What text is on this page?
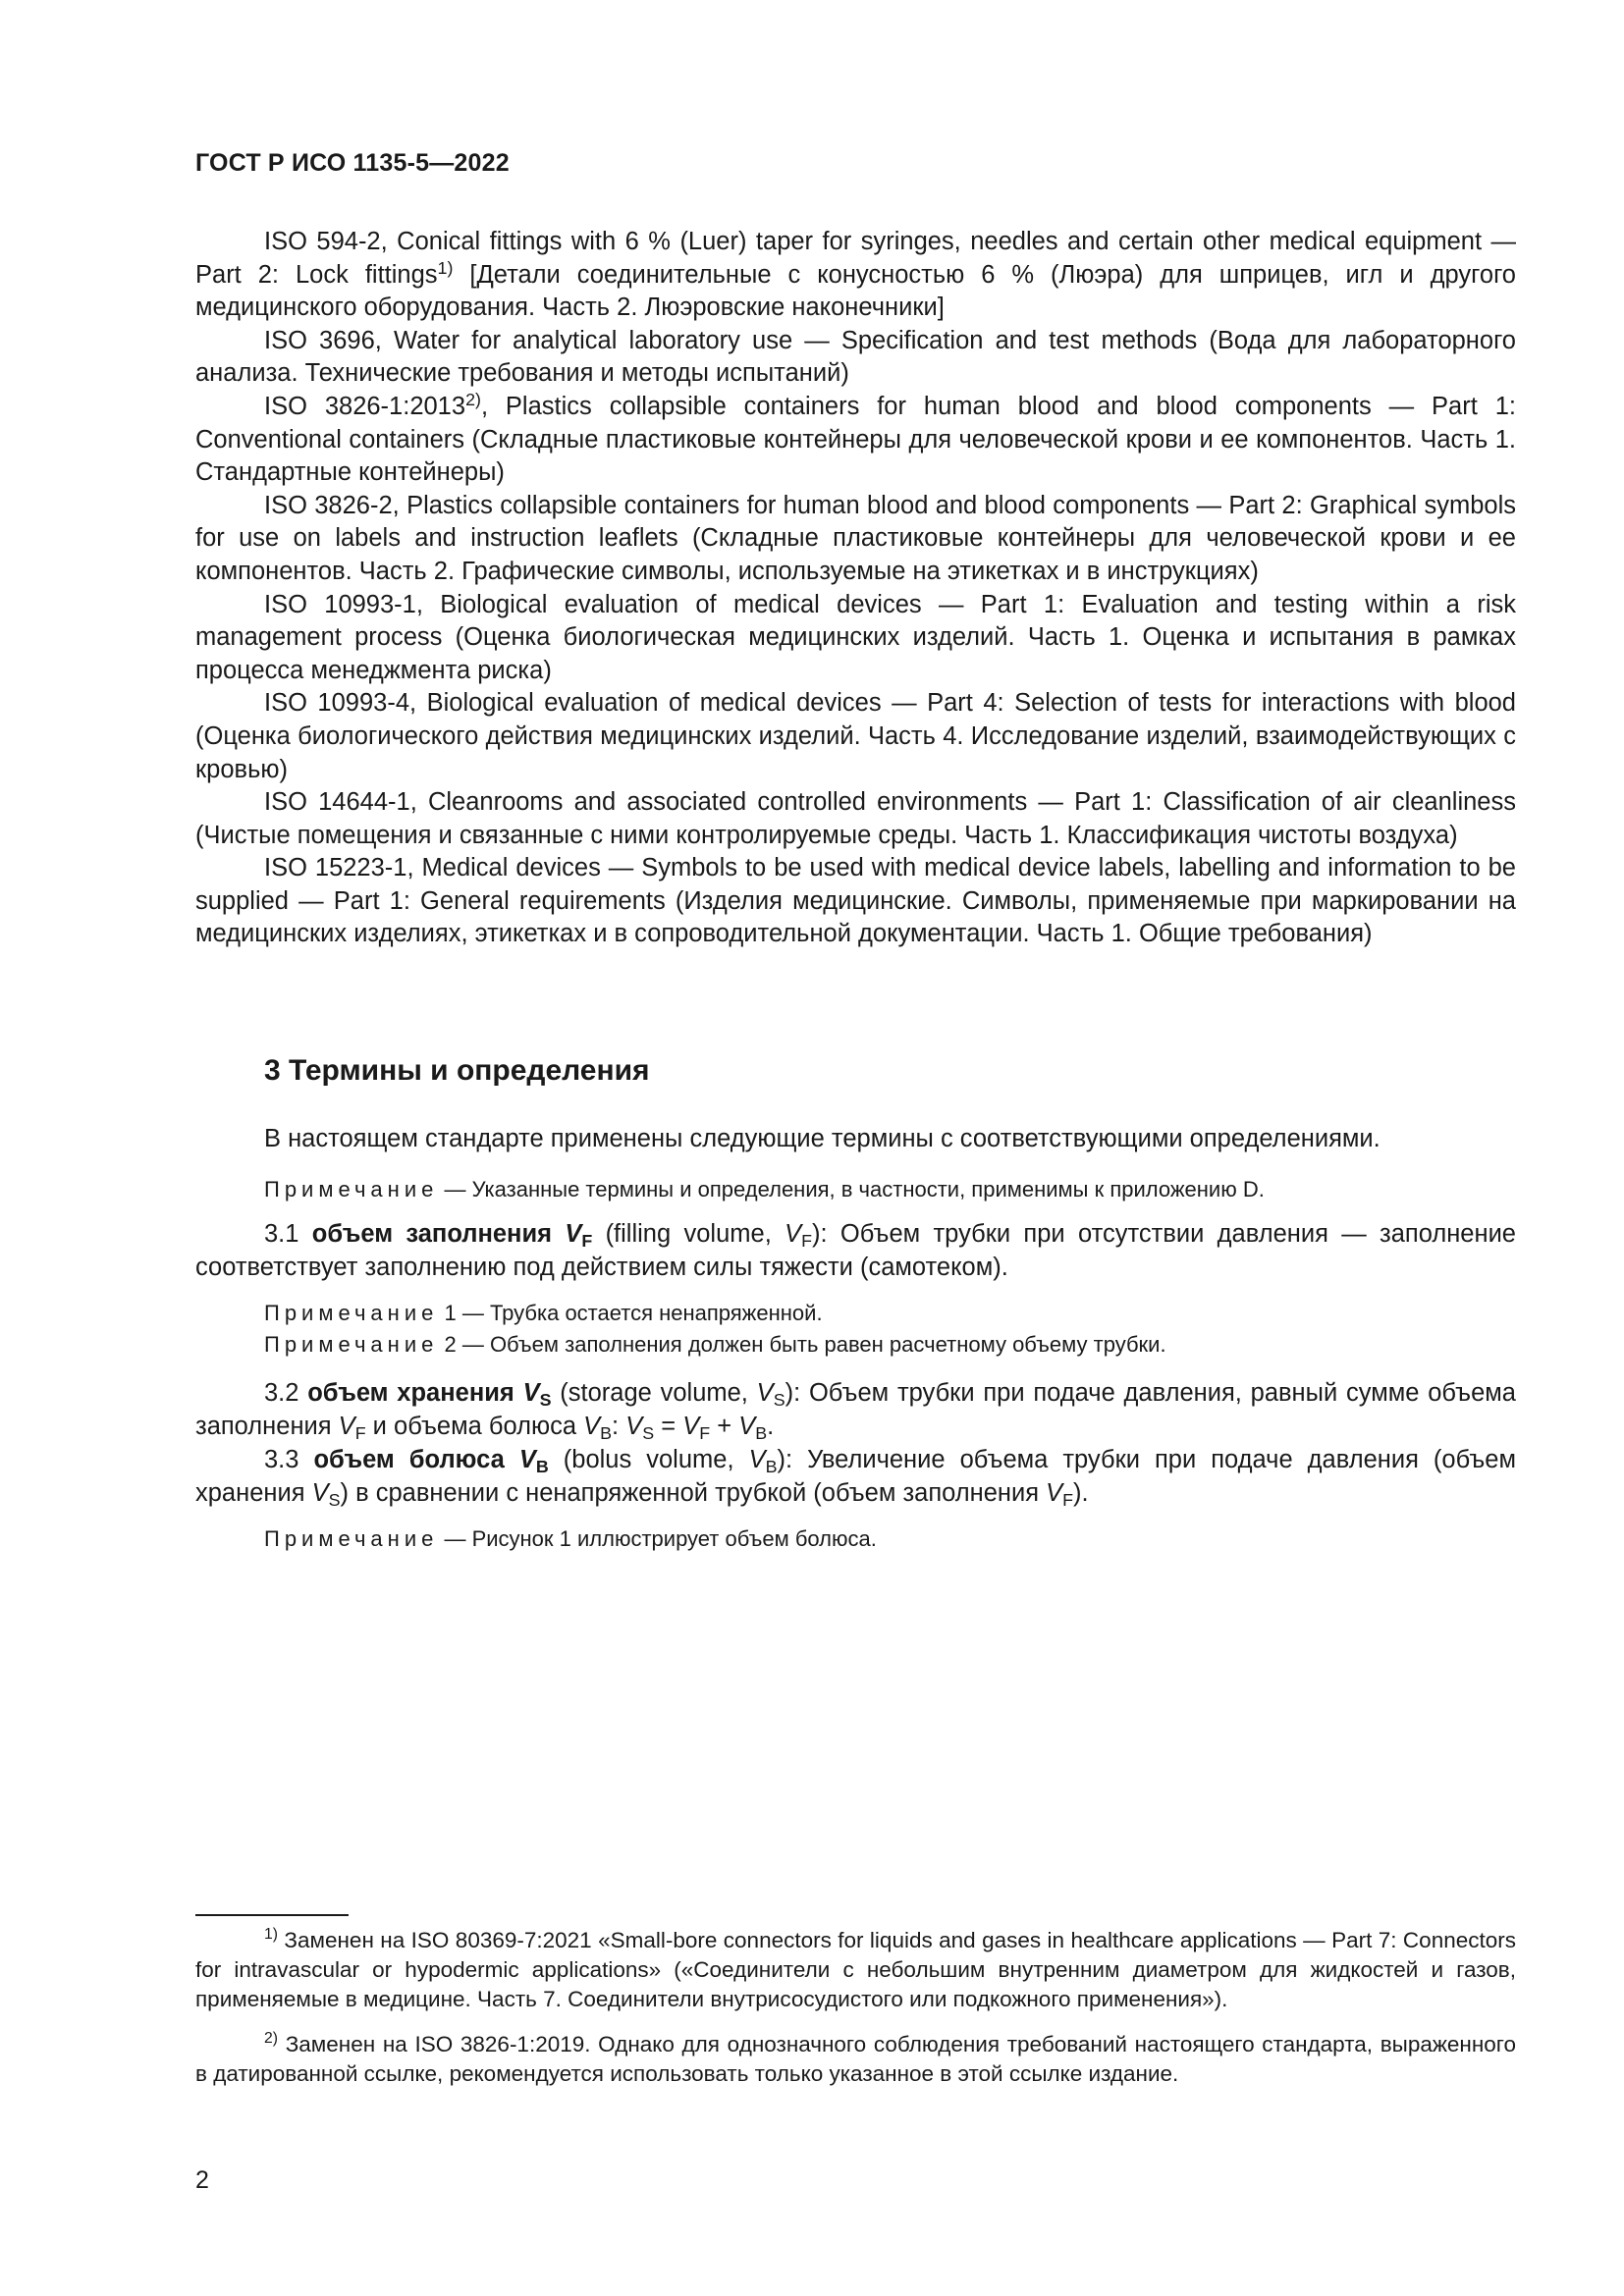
ГОСТ Р ИСО 1135-5—2022

ISO 594-2, Conical fittings with 6 % (Luer) taper for syringes, needles and certain other medical equipment — Part 2: Lock fittings$^{1)}$ [Детали соединительные с конусностью 6 % (Люэра) для шприцев, игл и другого медицинского оборудования. Часть 2. Люэровские наконечники]

ISO 3696, Water for analytical laboratory use — Specification and test methods (Вода для лабораторного анализа. Технические требования и методы испытаний)

ISO 3826-1:2013$^{2)}$, Plastics collapsible containers for human blood and blood components — Part 1: Conventional containers (Складные пластиковые контейнеры для человеческой крови и ее компонентов. Часть 1. Стандартные контейнеры)

ISO 3826-2, Plastics collapsible containers for human blood and blood components — Part 2: Graphical symbols for use on labels and instruction leaflets (Складные пластиковые контейнеры для человеческой крови и ее компонентов. Часть 2. Графические символы, используемые на этикетках и в инструкциях)

ISO 10993-1, Biological evaluation of medical devices — Part 1: Evaluation and testing within a risk management process (Оценка биологическая медицинских изделий. Часть 1. Оценка и испытания в рамках процесса менеджмента риска)

ISO 10993-4, Biological evaluation of medical devices — Part 4: Selection of tests for interactions with blood (Оценка биологического действия медицинских изделий. Часть 4. Исследование изделий, взаимодействующих с кровью)

ISO 14644-1, Cleanrooms and associated controlled environments — Part 1: Classification of air cleanliness (Чистые помещения и связанные с ними контролируемые среды. Часть 1. Классификация чистоты воздуха)

ISO 15223-1, Medical devices — Symbols to be used with medical device labels, labelling and information to be supplied — Part 1: General requirements (Изделия медицинские. Символы, применяемые при маркировании на медицинских изделиях, этикетках и в сопроводительной документации. Часть 1. Общие требования)

3 Термины и определения
В настоящем стандарте применены следующие термины с соответствующими определениями.
Примечание — Указанные термины и определения, в частности, применимы к приложению D.
3.1 объем заполнения $V_F$ (filling volume, $V_F$): Объем трубки при отсутствии давления — заполнение соответствует заполнению под действием силы тяжести (самотеком).
Примечание 1 — Трубка остается ненапряженной.
Примечание 2 — Объем заполнения должен быть равен расчетному объему трубки.
3.2 объем хранения $V_S$ (storage volume, $V_S$): Объем трубки при подаче давления, равный сумме объема заполнения $V_F$ и объема болюса $V_B$: $V_S = V_F + V_B$.
3.3 объем болюса $V_B$ (bolus volume, $V_B$): Увеличение объема трубки при подаче давления (объем хранения $V_S$) в сравнении с ненапряженной трубкой (объем заполнения $V_F$).
Примечание — Рисунок 1 иллюстрирует объем болюса.
$^{1)}$ Заменен на ISO 80369-7:2021 «Small-bore connectors for liquids and gases in healthcare applications — Part 7: Connectors for intravascular or hypodermic applications» («Соединители с небольшим внутренним диаметром для жидкостей и газов, применяемые в медицине. Часть 7. Соединители внутрисосудистого или подкожного применения»).
$^{2)}$ Заменен на ISO 3826-1:2019. Однако для однозначного соблюдения требований настоящего стандарта, выраженного в датированной ссылке, рекомендуется использовать только указанное в этой ссылке издание.
2
